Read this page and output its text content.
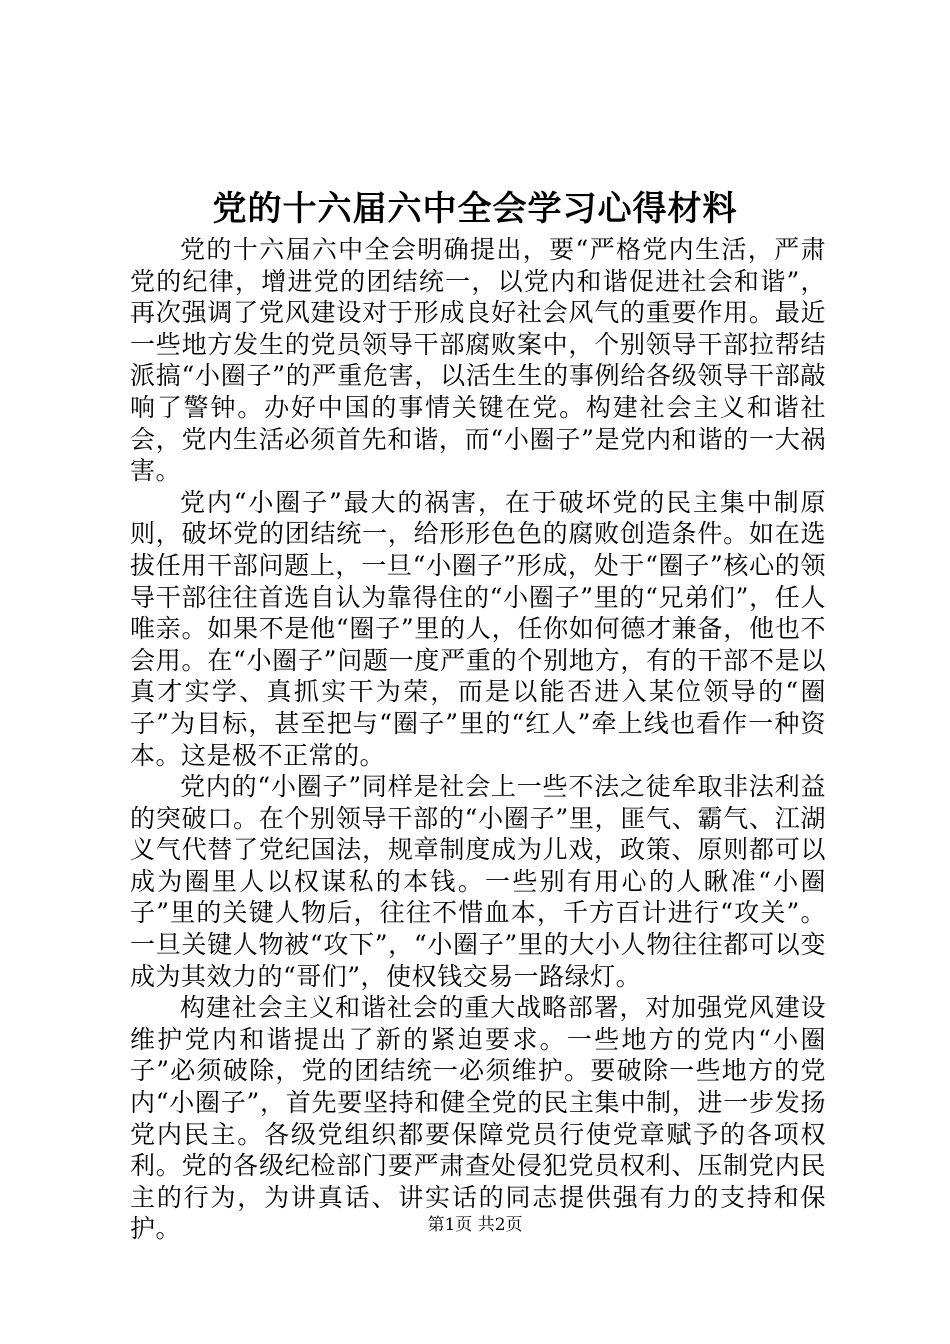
党的十六届六中全会学习心得材料

党的十六届六中全会明确提出，要“严格党内生活，严肃党的纪律，增进党的团结统一，以党内和谐促进社会和谐”，再次强调了党风建设对于形成良好社会风气的重要作用。最近一些地方发生的党员领导干部腐败案中，个别领导干部拉帮结派搞“小圈子”的严重危害，以活生生的事例给各级领导干部敲响了警钟。办好中国的事情关键在党。构建社会主义和谐社会，党内生活必须首先和谐，而“小圈子”是党内和谐的一大祸害。

党内“小圈子”最大的祸害，在于破坏党的民主集中制原则，破坏党的团结统一，给形形色色的腐败创造条件。如在选拔任用干部问题上，一旦“小圈子”形成，处于“圈子”核心的领导干部往往首选自认为靠得住的“小圈子”里的“兄弟们”，任人唯亲。如果不是他“圈子”里的人，任你如何德才兼备，他也不会用。在“小圈子”问题一度严重的个别地方，有的干部不是以真才实学、真抓实干为荣，而是以能否进入某位领导的“圈子”为目标，甚至把与“圈子”里的“红人”牵上线也看作一种资本。这是极不正常的。

党内的“小圈子”同样是社会上一些不法之徒牟取非法利益的突破口。在个别领导干部的“小圈子”里，匪气、霸气、江湖义气代替了党纪国法，规章制度成为儿戏，政策、原则都可以成为圈里人以权谋私的本钱。一些别有用心的人瞅准“小圈子”里的关键人物后，往往不惜血本，千方百计进行“攻关”。一旦关键人物被“攻下”，“小圈子”里的大小人物往往都可以变成为其效力的“哥们”，使权钱交易一路绿灯。

构建社会主义和谐社会的重大战略部署，对加强党风建设维护党内和谐提出了新的紧迫要求。一些地方的党内“小圈子”必须破除，党的团结统一必须维护。要破除一些地方的党内“小圈子”，首先要坚持和健全党的民主集中制，进一步发扬党内民主。各级党组织都要保障党员行使党章赋予的各项权利。党的各级纪检部门要严肃查处侵犯党员权利、压制党内民主的行为，为讲真话、讲实话的同志提供强有力的支持和保护。	第1页 共2页
